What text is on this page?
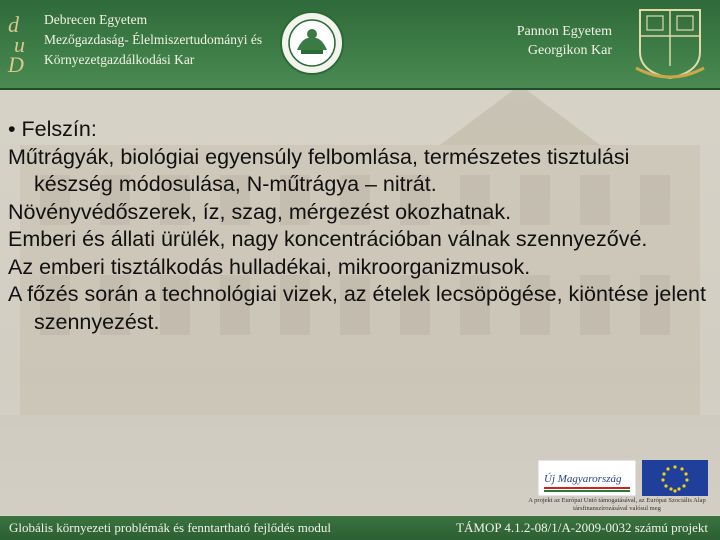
d
u
D
Debrecen Egyetem
Mezőgazdaság- Élelmiszertudományi és
Környezetgazdálkodási Kar
Pannon Egyetem
Georgikon Kar
• Felszín:
Műtrágyák, biológiai egyensúly felbomlása, természetes tisztulási készség módosulása, N-műtrágya – nitrát.
Növényvédőszerek, íz, szag, mérgezést okozhatnak.
Emberi és állati ürülék, nagy koncentrációban válnak szennyezővé.
Az emberi tisztálkodás hulladékai, mikroorganizmusok.
A főzés során a technológiai vizek, az ételek lecsöpögése, kiöntése jelent szennyezést.
Új Magyarország
A projekt az Európai Unió támogatásával, az Európai Szociális Alap társfinanszírozásával valósul meg
Globális környezeti problémák és fenntartható fejlődés modul	TÁMOP 4.1.2-08/1/A-2009-0032 számú projekt
